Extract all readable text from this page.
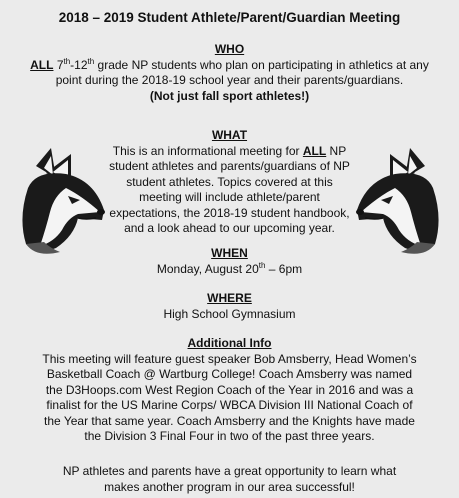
2018 – 2019 Student Athlete/Parent/Guardian Meeting
WHO
ALL 7th-12th grade NP students who plan on participating in athletics at any point during the 2018-19 school year and their parents/guardians.
(Not just fall sport athletes!)
WHAT
This is an informational meeting for ALL NP student athletes and parents/guardians of NP student athletes. Topics covered at this meeting will include athlete/parent expectations, the 2018-19 student handbook, and a look ahead to our upcoming year.
WHEN
Monday, August 20th – 6pm
WHERE
High School Gymnasium
Additional Info
This meeting will feature guest speaker Bob Amsberry, Head Women’s Basketball Coach @ Wartburg College! Coach Amsberry was named the D3Hoops.com West Region Coach of the Year in 2016 and was a finalist for the US Marine Corps/ WBCA Division III National Coach of the Year that same year. Coach Amsberry and the Knights have made the Division 3 Final Four in two of the past three years.
NP athletes and parents have a great opportunity to learn what makes another program in our area successful!
